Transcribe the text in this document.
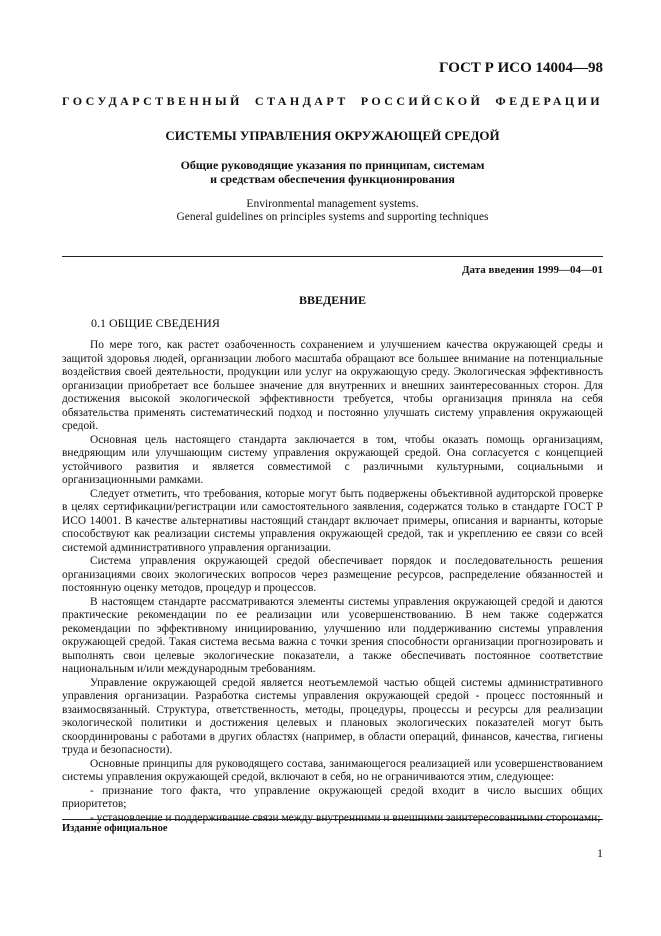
ГОСТ Р ИСО 14004—98
ГОСУДАРСТВЕННЫЙ СТАНДАРТ РОССИЙСКОЙ ФЕДЕРАЦИИ
СИСТЕМЫ УПРАВЛЕНИЯ ОКРУЖАЮЩЕЙ СРЕДОЙ
Общие руководящие указания по принципам, системам
и средствам обеспечения функционирования
Environmental management systems.
General guidelines on principles systems and supporting techniques
Дата введения 1999—04—01
ВВЕДЕНИЕ
0.1 ОБЩИЕ СВЕДЕНИЯ

По мере того, как растет озабоченность сохранением и улучшением качества окружающей среды и защитой здоровья людей, организации любого масштаба обращают все большее внимание на потенциальные воздействия своей деятельности, продукции или услуг на окружающую среду. Экологическая эффективность организации приобретает все большее значение для внутренних и внешних заинтересованных сторон. Для достижения высокой экологической эффективности требуется, чтобы организация приняла на себя обязательства применять систематический подход и постоянно улучшать систему управления окружающей средой.

Основная цель настоящего стандарта заключается в том, чтобы оказать помощь организациям, внедряющим или улучшающим систему управления окружающей средой. Она согласуется с концепцией устойчивого развития и является совместимой с различными культурными, социальными и организационными рамками.

Следует отметить, что требования, которые могут быть подвержены объективной аудиторской проверке в целях сертификации/регистрации или самостоятельного заявления, содержатся только в стандарте ГОСТ Р ИСО 14001. В качестве альтернативы настоящий стандарт включает примеры, описания и варианты, которые способствуют как реализации системы управления окружающей средой, так и укреплению ее связи со всей системой административного управления организации.

Система управления окружающей средой обеспечивает порядок и последовательность решения организациями своих экологических вопросов через размещение ресурсов, распределение обязанностей и постоянную оценку методов, процедур и процессов.

В настоящем стандарте рассматриваются элементы системы управления окружающей средой и даются практические рекомендации по ее реализации или усовершенствованию. В нем также содержатся рекомендации по эффективному инициированию, улучшению или поддерживанию системы управления окружающей средой. Такая система весьма важна с точки зрения способности организации прогнозировать и выполнять свои целевые экологические показатели, а также обеспечивать постоянное соответствие национальным и/или международным требованиям.

Управление окружающей средой является неотъемлемой частью общей системы административного управления организации. Разработка системы управления окружающей средой - процесс постоянный и взаимосвязанный. Структура, ответственность, методы, процедуры, процессы и ресурсы для реализации экологической политики и достижения целевых и плановых экологических показателей могут быть скоординированы с работами в других областях (например, в области операций, финансов, качества, гигиены труда и безопасности).

Основные принципы для руководящего состава, занимающегося реализацией или усовершенствованием системы управления окружающей средой, включают в себя, но не ограничиваются этим, следующее:

- признание того факта, что управление окружающей средой входит в число высших общих приоритетов;
- установление и поддерживание связи между внутренними и внешними заинтересованными сторонами;
Издание официальное
1
